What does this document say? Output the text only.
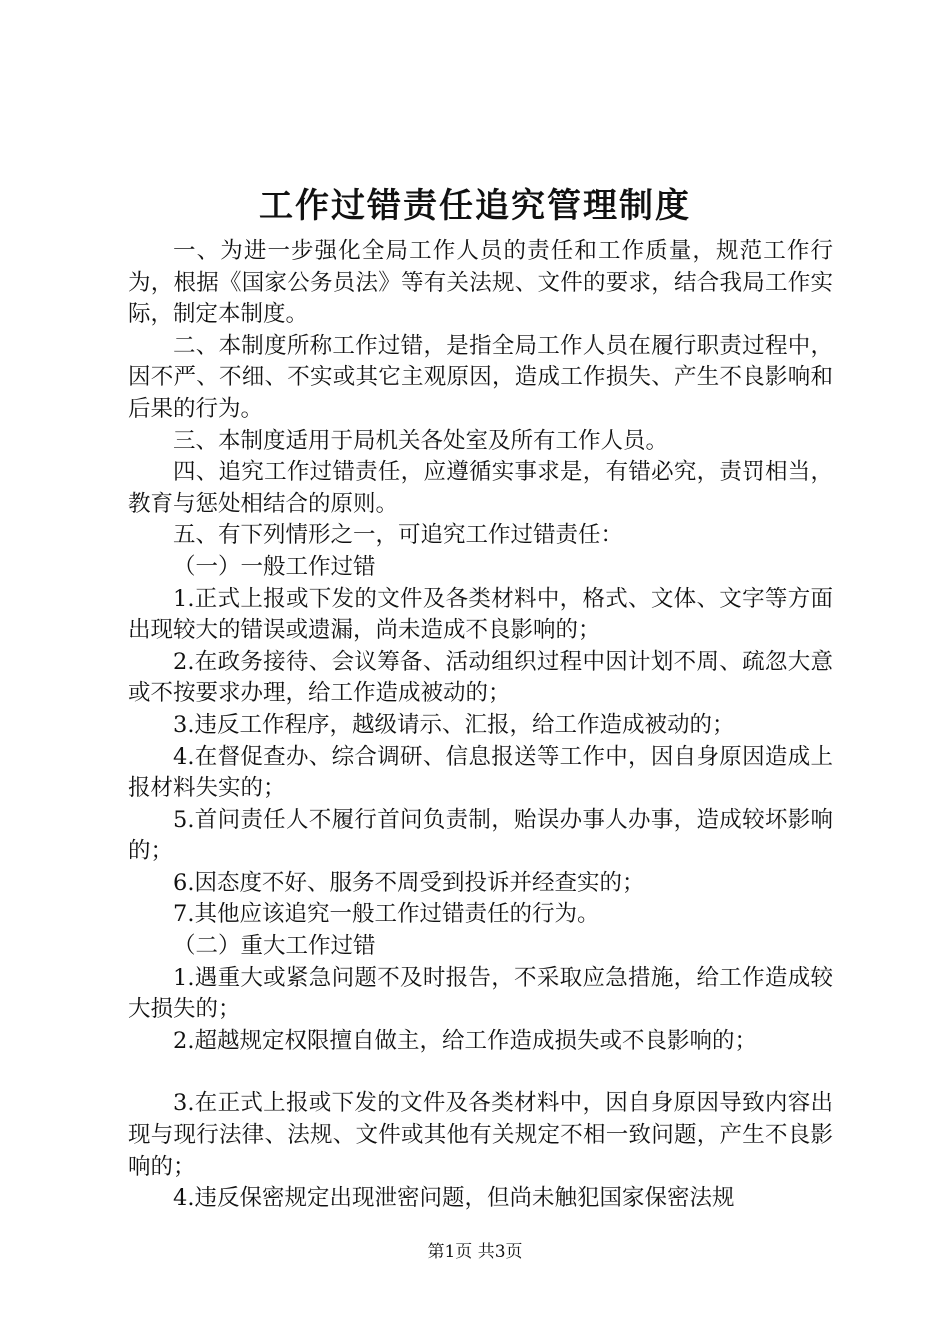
工作过错责任追究管理制度

一、为进一步强化全局工作人员的责任和工作质量，规范工作行为，根据《国家公务员法》等有关法规、文件的要求，结合我局工作实际，制定本制度。

二、本制度所称工作过错，是指全局工作人员在履行职责过程中，因不严、不细、不实或其它主观原因，造成工作损失、产生不良影响和后果的行为。

三、本制度适用于局机关各处室及所有工作人员。

四、追究工作过错责任，应遵循实事求是，有错必究，责罚相当，教育与惩处相结合的原则。

五、有下列情形之一，可追究工作过错责任：

（一）一般工作过错

1.正式上报或下发的文件及各类材料中，格式、文体、文字等方面出现较大的错误或遗漏，尚未造成不良影响的；

2.在政务接待、会议筹备、活动组织过程中因计划不周、疏忽大意或不按要求办理，给工作造成被动的；

3.违反工作程序，越级请示、汇报，给工作造成被动的；

4.在督促查办、综合调研、信息报送等工作中，因自身原因造成上报材料失实的；

5.首问责任人不履行首问负责制，贻误办事人办事，造成较坏影响的；

6.因态度不好、服务不周受到投诉并经查实的；

7.其他应该追究一般工作过错责任的行为。

（二）重大工作过错

1.遇重大或紧急问题不及时报告，不采取应急措施，给工作造成较大损失的；

2.超越规定权限擅自做主，给工作造成损失或不良影响的；

3.在正式上报或下发的文件及各类材料中，因自身原因导致内容出现与现行法律、法规、文件或其他有关规定不相一致问题，产生不良影响的；

4.违反保密规定出现泄密问题，但尚未触犯国家保密法规

第1页 共3页
